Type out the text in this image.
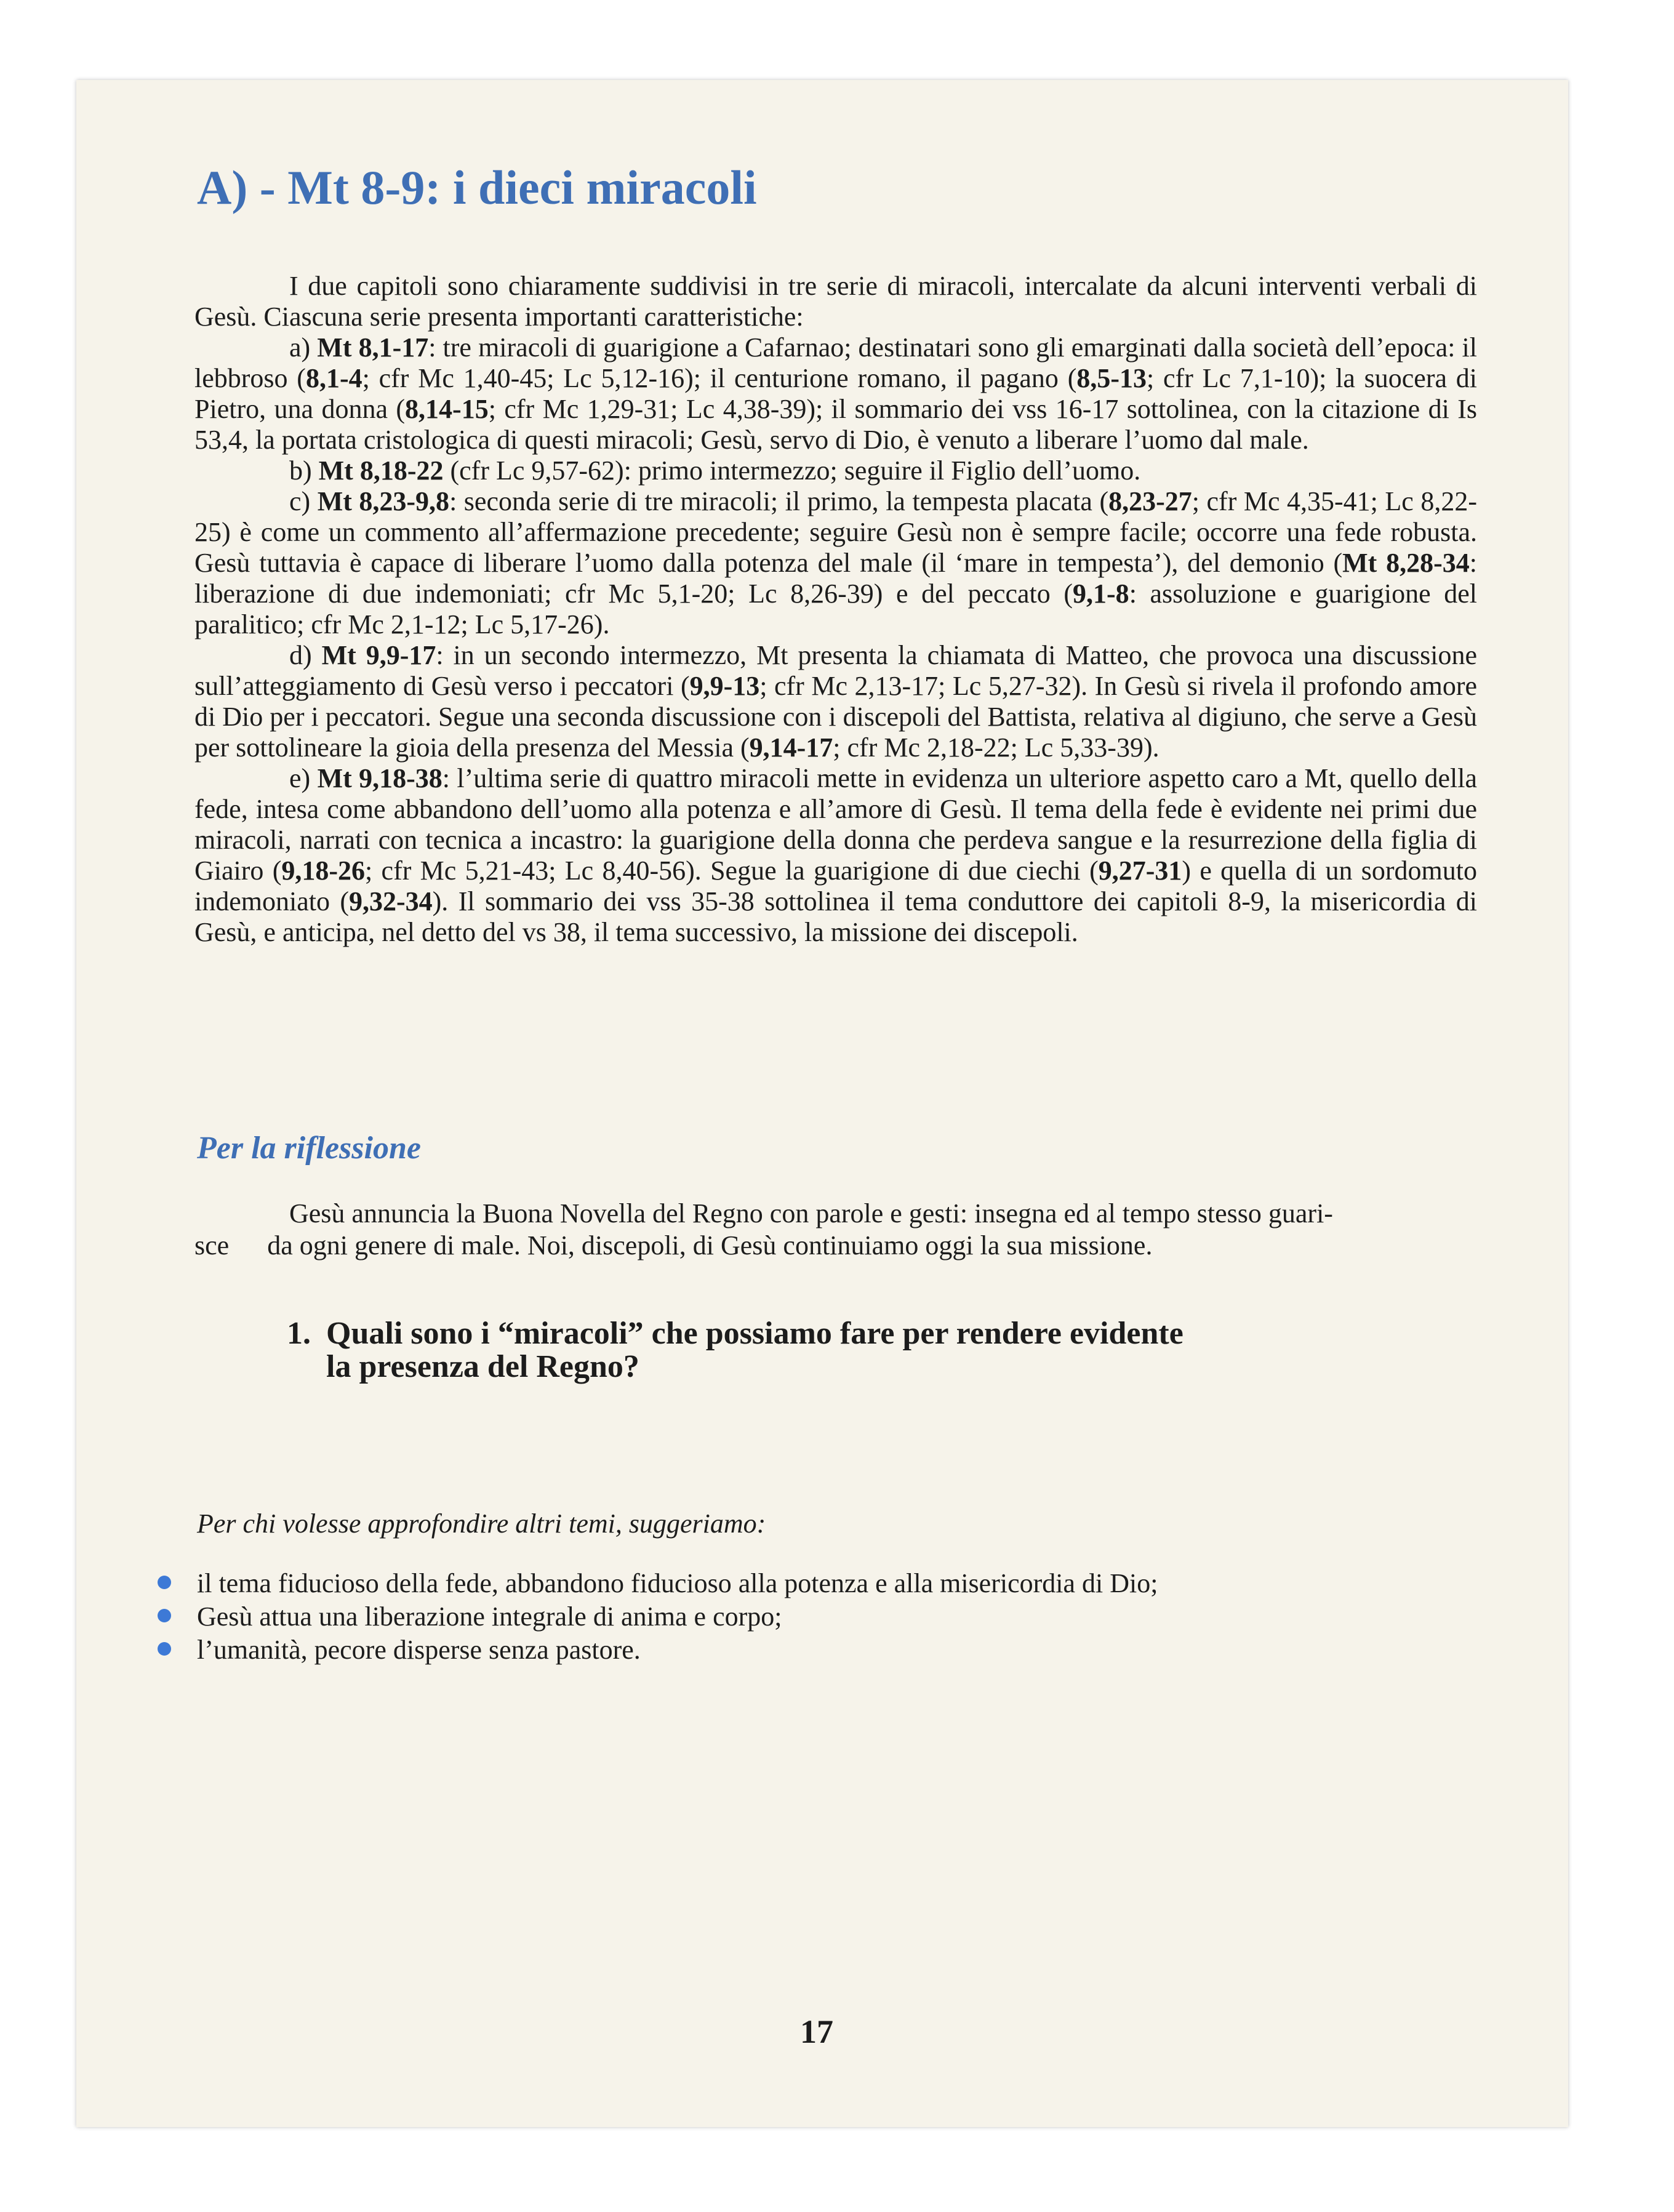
A) - Mt 8-9: i dieci miracoli

I due capitoli sono chiaramente suddivisi in tre serie di miracoli, intercalate da alcuni interventi verbali di Gesù. Ciascuna serie presenta importanti caratteristiche:

a) Mt 8,1-17: tre miracoli di guarigione a Cafarnao; destinatari sono gli emarginati dalla società dell’epoca: il lebbroso (8,1-4; cfr Mc 1,40-45; Lc 5,12-16); il centurione romano, il pagano (8,5-13; cfr Lc 7,1-10); la suocera di Pietro, una donna (8,14-15; cfr Mc 1,29-31; Lc 4,38-39); il sommario dei vss 16-17 sottolinea, con la citazione di Is 53,4, la portata cristologica di questi miracoli; Gesù, servo di Dio, è venuto a liberare l’uomo dal male.

b) Mt 8,18-22 (cfr Lc 9,57-62): primo intermezzo; seguire il Figlio dell’uomo.

c) Mt 8,23-9,8: seconda serie di tre miracoli; il primo, la tempesta placata (8,23-27; cfr Mc 4,35-41; Lc 8,22-25) è come un commento all’affermazione precedente; seguire Gesù non è sempre facile; occorre una fede robusta. Gesù tuttavia è capace di liberare l’uomo dalla potenza del male (il ‘mare in tempesta’), del demonio (Mt 8,28-34: liberazione di due indemoniati; cfr Mc 5,1-20; Lc 8,26-39) e del peccato (9,1-8: assoluzione e guarigione del paralitico; cfr Mc 2,1-12; Lc 5,17-26).

d) Mt 9,9-17: in un secondo intermezzo, Mt presenta la chiamata di Matteo, che provoca una discussione sull’atteggiamento di Gesù verso i peccatori (9,9-13; cfr Mc 2,13-17; Lc 5,27-32). In Gesù si rivela il profondo amore di Dio per i peccatori. Segue una seconda discussione con i discepoli del Battista, relativa al digiuno, che serve a Gesù per sottolineare la gioia della presenza del Messia (9,14-17; cfr Mc 2,18-22; Lc 5,33-39).

e) Mt 9,18-38: l’ultima serie di quattro miracoli mette in evidenza un ulteriore aspetto caro a Mt, quello della fede, intesa come abbandono dell’uomo alla potenza e all’amore di Gesù. Il tema della fede è evidente nei primi due miracoli, narrati con tecnica a incastro: la guarigione della donna che perdeva sangue e la resurrezione della figlia di Giairo (9,18-26; cfr Mc 5,21-43; Lc 8,40-56). Segue la guarigione di due ciechi (9,27-31) e quella di un sordomuto indemoniato (9,32-34). Il sommario dei vss 35-38 sottolinea il tema conduttore dei capitoli 8-9, la misericordia di Gesù, e anticipa, nel detto del vs 38, il tema successivo, la missione dei discepoli.

Per la riflessione

Gesù annuncia la Buona Novella del Regno con parole e gesti: insegna ed al tempo stesso guari-

sce da ogni genere di male. Noi, discepoli, di Gesù continuiamo oggi la sua missione.

1. Quali sono i “miracoli” che possiamo fare per rendere evidente
la presenza del Regno?

Per chi volesse approfondire altri temi, suggeriamo:

il tema fiducioso della fede, abbandono fiducioso alla potenza e alla misericordia di Dio;
Gesù attua una liberazione integrale di anima e corpo;
l’umanità, pecore disperse senza pastore.

17
